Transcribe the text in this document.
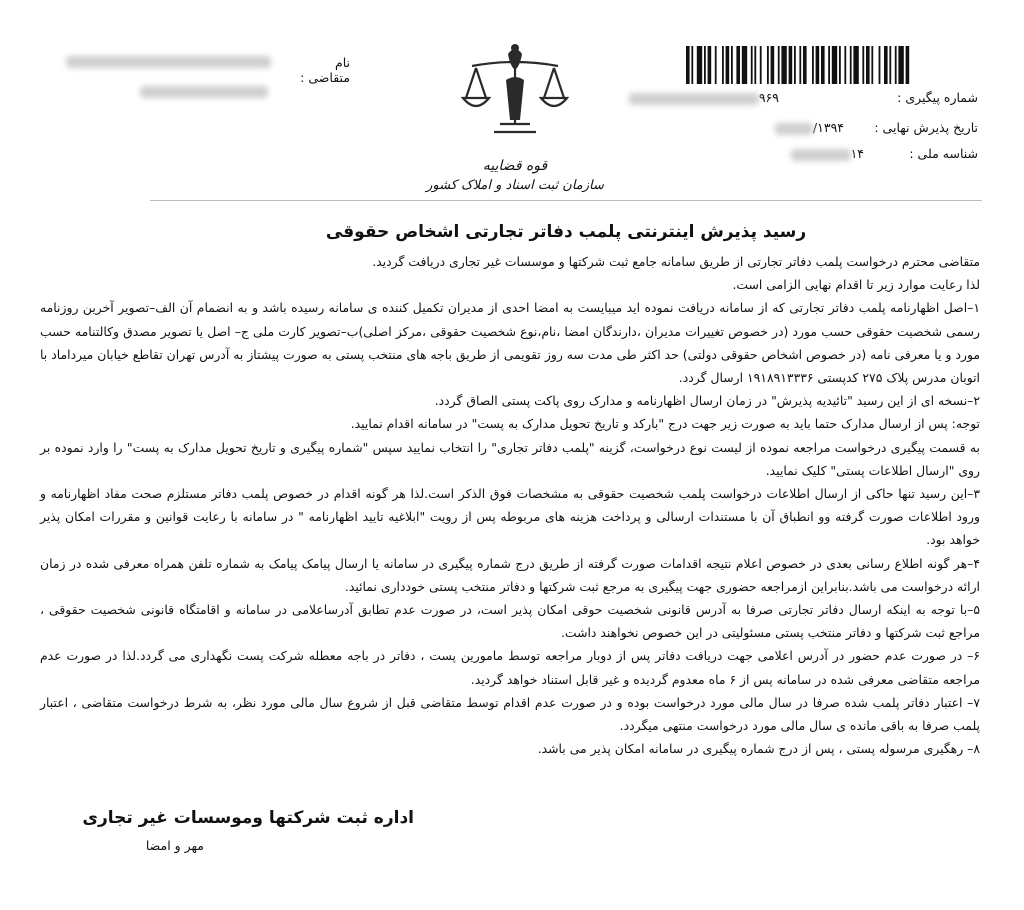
شماره پیگیری :
۹۶۹
تاریخ پذیرش نهایی :
۱۳۹۴/
شناسه ملی :
۱۴
قوه قضاییه
سازمان ثبت اسناد و املاک کشور
نام متقاضی :
رسید پذیرش اینترنتی پلمب دفاتر تجارتی اشخاص حقوقی

متقاضی محترم درخواست پلمب دفاتر تجارتی از طریق سامانه جامع ثبت شرکتها و موسسات غیر تجاری دریافت گردید.

لذا رعایت موارد زیر تا اقدام نهایی الزامی است.

۱–اصل اظهارنامه پلمب دفاتر تجارتی که از سامانه دریافت نموده اید میبایست به امضا احدی از مدیران تکمیل کننده ی سامانه رسیده باشد و به انضمام آن الف–تصویر آخرین روزنامه رسمی شخصیت حقوقی حسب مورد (در خصوص تغییرات مدیران ،دارندگان امضا ،نام،نوع شخصیت حقوقی ،مرکز اصلی)ب–تصویر کارت ملی ج– اصل یا تصویر مصدق وکالتنامه حسب مورد و یا معرفی نامه (در خصوص اشخاص حقوقی دولتی) حد اکثر طی مدت سه روز تقویمی از طریق باجه های منتخب پستی به صورت پیشتاز به آدرس تهران تقاطع خیابان میرداماد با اتوبان مدرس پلاک ۲۷۵ کدپستی ۱۹۱۸۹۱۳۳۳۶ ارسال گردد.

۲–نسخه ای از این رسید "تائیدیه پذیرش" در زمان ارسال اظهارنامه و مدارک روی پاکت پستی الصاق گردد.

توجه: پس از ارسال مدارک حتما باید به صورت زیر جهت درج "بارکد و تاریخ تحویل مدارک به پست" در سامانه اقدام نمایید.

به قسمت پیگیری درخواست مراجعه نموده از لیست نوع درخواست، گزینه "پلمب دفاتر تجاری" را انتخاب نمایید سپس "شماره پیگیری و تاریخ تحویل مدارک به پست" را وارد نموده بر روی "ارسال اطلاعات پستی" کلیک نمایید.

۳–این رسید تنها حاکی از ارسال اطلاعات درخواست پلمب شخصیت حقوقی به مشخصات فوق الذکر است.لذا هر گونه اقدام در خصوص پلمب دفاتر مستلزم صحت مفاد اظهارنامه و ورود اطلاعات صورت گرفته وو انطباق آن با مستندات ارسالی و پرداخت هزینه های مربوطه پس از رویت "ابلاغیه تایید اظهارنامه " در سامانه با رعایت قوانین و مقررات امکان پذیر خواهد بود.

۴–هر گونه اطلاع رسانی بعدی در خصوص اعلام نتیجه اقدامات صورت گرفته از طریق درج شماره پیگیری در سامانه یا ارسال پیامک پیامک به شماره تلفن همراه معرفی شده در زمان ارائه درخواست می باشد.بنابراین ازمراجعه حضوری جهت پیگیری به مرجع ثبت شرکتها و دفاتر منتخب پستی خودداری نمائید.

۵–با توجه به اینکه ارسال دفاتر تجارتی صرفا به آدرس قانونی شخصیت حوقی امکان پذیر است، در صورت عدم تطابق آدرساعلامی در سامانه و اقامتگاه قانونی شخصیت حقوقی ، مراجع ثبت شرکتها و دفاتر منتخب پستی مسئولیتی در این خصوص نخواهند داشت.

۶– در صورت عدم حضور در آدرس اعلامی جهت دریافت دفاتر پس از دوبار مراجعه توسط مامورین پست ، دفاتر در باجه معطله شرکت پست نگهداری می گردد.لذا در صورت عدم مراجعه متقاضی معرفی شده در سامانه پس از ۶ ماه معدوم گردیده و غیر قابل استناد خواهد گردید.

۷– اعتبار دفاتر پلمب شده صرفا در سال مالی مورد درخواست بوده و در صورت عدم اقدام توسط متقاضی قبل از شروع سال مالی مورد نظر، به شرط درخواست متقاضی ، اعتبار پلمب صرفا به باقی مانده ی سال مالی مورد درخواست منتهی میگردد.

۸– رهگیری مرسوله پستی ، پس از درج شماره پیگیری در سامانه امکان پذیر می باشد.

اداره ثبت شرکتها وموسسات غیر تجاری
مهر و امضا
